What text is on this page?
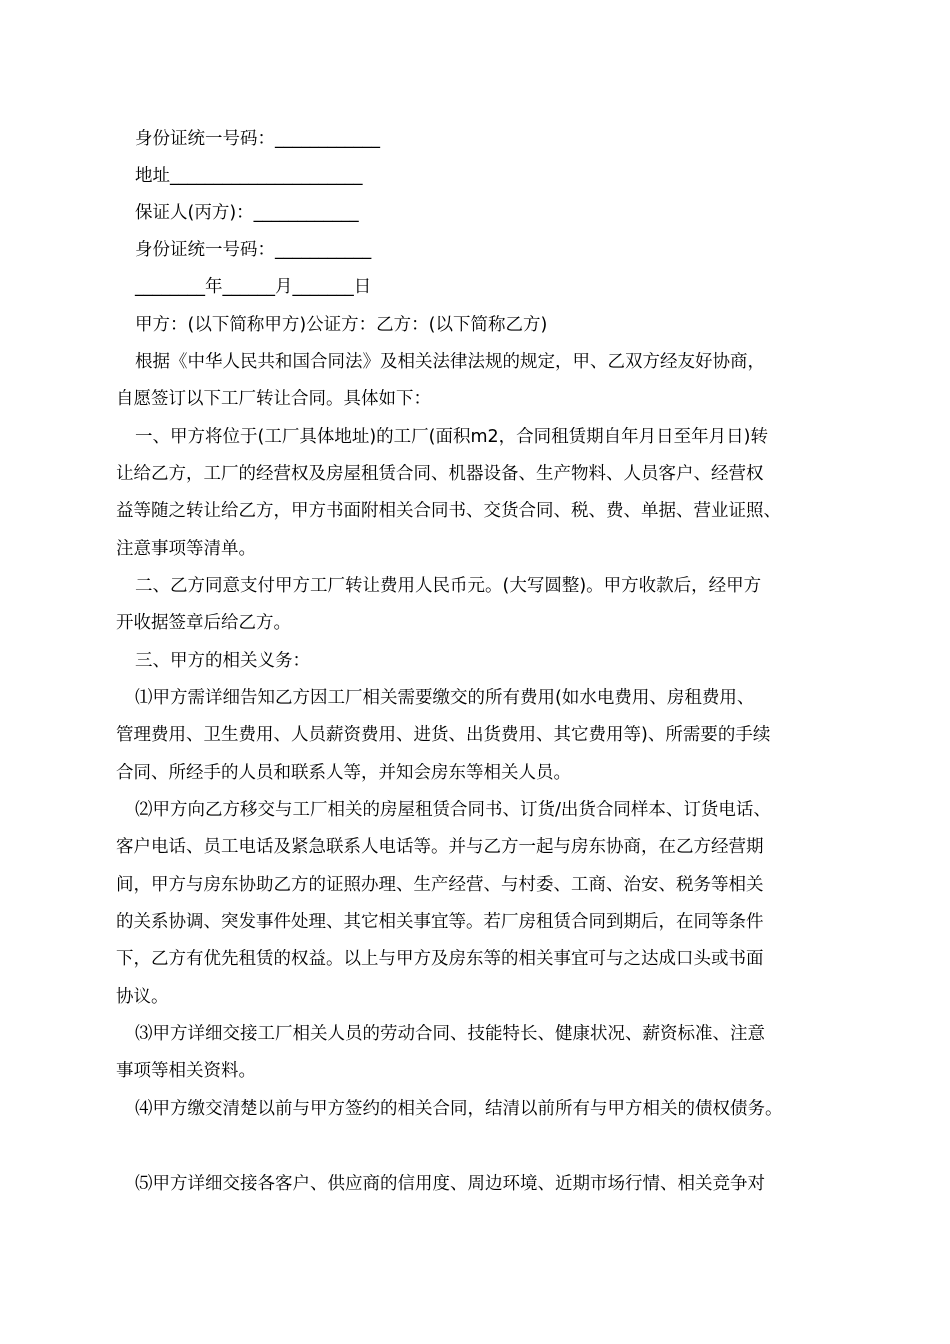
身份证统一号码：____________
地址______________________
保证人(丙方)：____________
身份证统一号码：___________
________年______月_______日
甲方：(以下简称甲方)公证方：乙方：(以下简称乙方)
根据《中华人民共和国合同法》及相关法律法规的规定，甲、乙双方经友好协商，
自愿签订以下工厂转让合同。具体如下：
一、甲方将位于(工厂具体地址)的工厂(面积m2，合同租赁期自年月日至年月日)转
让给乙方，工厂的经营权及房屋租赁合同、机器设备、生产物料、人员客户、经营权
益等随之转让给乙方，甲方书面附相关合同书、交货合同、税、费、单据、营业证照、
注意事项等清单。
二、乙方同意支付甲方工厂转让费用人民币元。(大写圆整)。甲方收款后，经甲方
开收据签章后给乙方。
三、甲方的相关义务：
⑴甲方需详细告知乙方因工厂相关需要缴交的所有费用(如水电费用、房租费用、
管理费用、卫生费用、人员薪资费用、进货、出货费用、其它费用等)、所需要的手续
合同、所经手的人员和联系人等，并知会房东等相关人员。
⑵甲方向乙方移交与工厂相关的房屋租赁合同书、订货/出货合同样本、订货电话、
客户电话、员工电话及紧急联系人电话等。并与乙方一起与房东协商，在乙方经营期
间，甲方与房东协助乙方的证照办理、生产经营、与村委、工商、治安、税务等相关
的关系协调、突发事件处理、其它相关事宜等。若厂房租赁合同到期后，在同等条件
下，乙方有优先租赁的权益。以上与甲方及房东等的相关事宜可与之达成口头或书面
协议。
⑶甲方详细交接工厂相关人员的劳动合同、技能特长、健康状况、薪资标准、注意
事项等相关资料。
⑷甲方缴交清楚以前与甲方签约的相关合同，结清以前所有与甲方相关的债权债务。
⑸甲方详细交接各客户、供应商的信用度、周边环境、近期市场行情、相关竞争对
